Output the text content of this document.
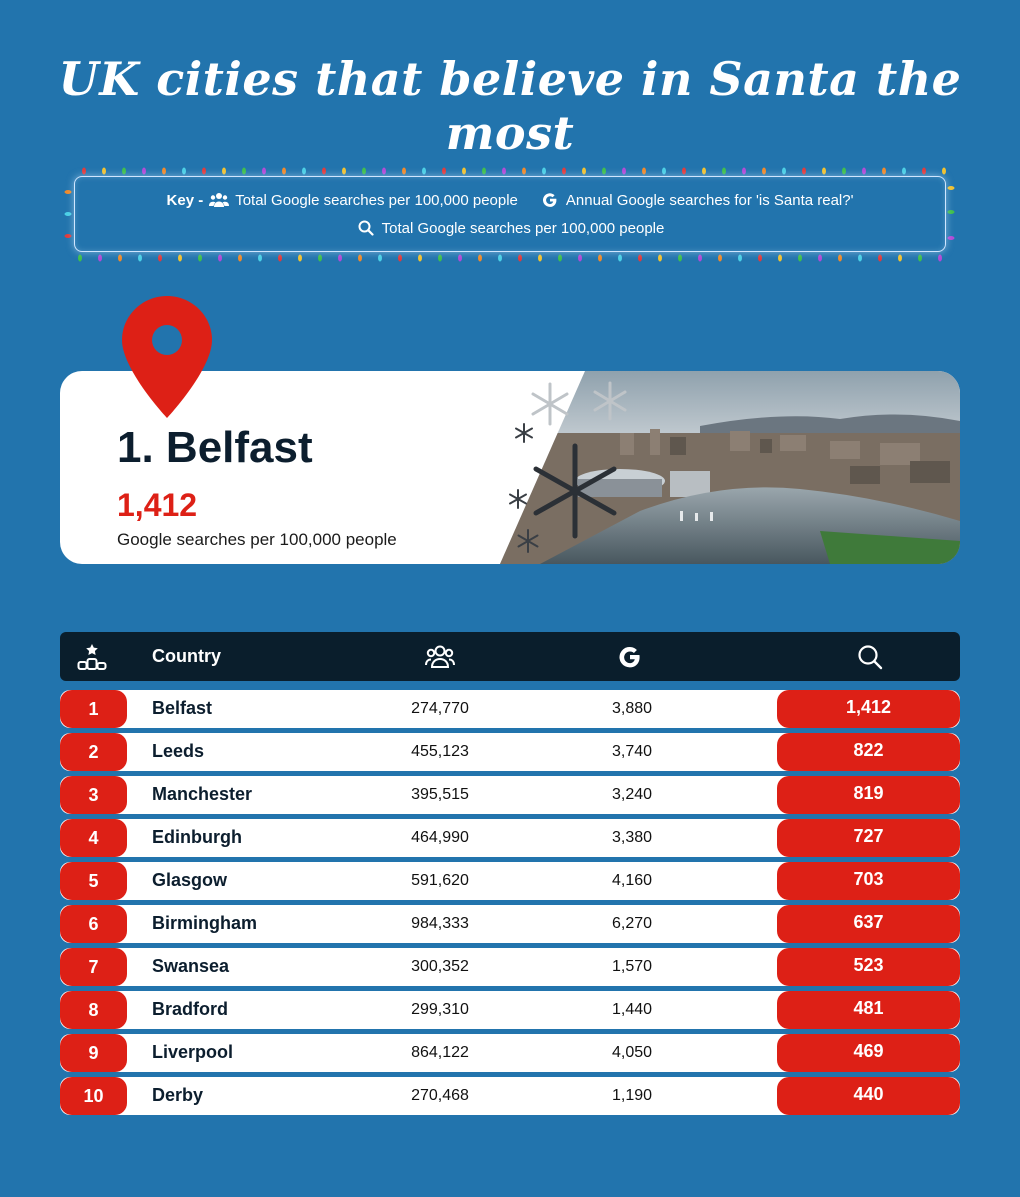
UK cities that believe in Santa the most
Key - Total Google searches per 100,000 people	Annual Google searches for 'is Santa real?'
Total Google searches per 100,000 people
1. Belfast
1,412
Google searches per 100,000 people
Country
1	Belfast	274,770	3,880	1,412
2	Leeds	455,123	3,740	822
3	Manchester	395,515	3,240	819
4	Edinburgh	464,990	3,380	727
5	Glasgow	591,620	4,160	703
6	Birmingham	984,333	6,270	637
7	Swansea	300,352	1,570	523
8	Bradford	299,310	1,440	481
9	Liverpool	864,122	4,050	469
10	Derby	270,468	1,190	440
